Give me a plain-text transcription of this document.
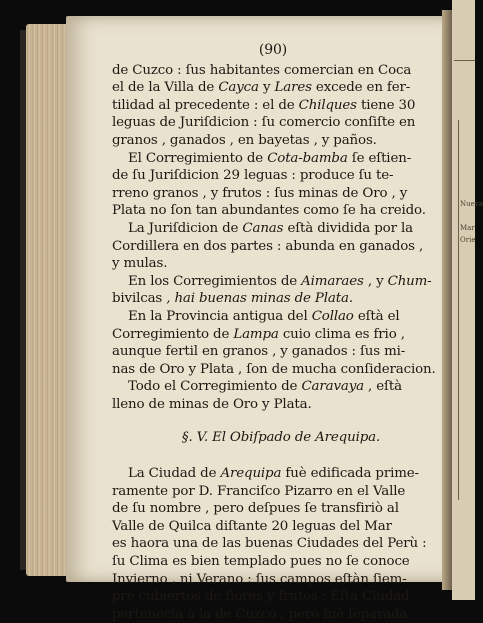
Nueva
Mar
Orie
(90)
de Cuzco : ſus habitantes comercian en Coca
el de la Villa de Cayca y Lares excede en fer-
tilidad al precedente : el de Chilques tiene 30
leguas de Juriſdicion : ſu comercio conſiſte en
granos , ganados , en bayetas , y paños.
El Corregimiento de Cota-bamba ſe eſtien-
de ſu Juriſdicion 29 leguas : produce ſu te-
rreno granos , y frutos : ſus minas de Oro , y
Plata no ſon tan abundantes como ſe ha creido.
La Juriſdicion de Canas eſtà dividida por la
Cordillera en dos partes : abunda en ganados ,
y mulas.
En los Corregimientos de Aimaraes , y Chum-
bivilcas , hai buenas minas de Plata.
En la Provincia antigua del Collao eſtà el
Corregimiento de Lampa cuio clima es frio ,
aunque fertil en granos , y ganados : ſus mi-
nas de Oro y Plata , ſon de mucha conſideracion.
Todo el Corregimiento de Caravaya , eſtà
lleno de minas de Oro y Plata.
§. V. El Obiſpado de Arequipa.
La Ciudad de Arequipa fuè edificada prime-
ramente por D. Franciſco Pizarro en el Valle
de ſu nombre , pero deſpues ſe transfiriò al
Valle de Quilca diſtante 20 leguas del Mar
es haora una de las buenas Ciudades del Perù :
ſu Clima es bien templado pues no ſe conoce
Invierno , ni Verano : ſus campos eſtàn ſiem-
pre cubiertos de flores y frutos : Eſta Ciudad
pertenecia à la de Cuzco , pero fuè ſeparada
